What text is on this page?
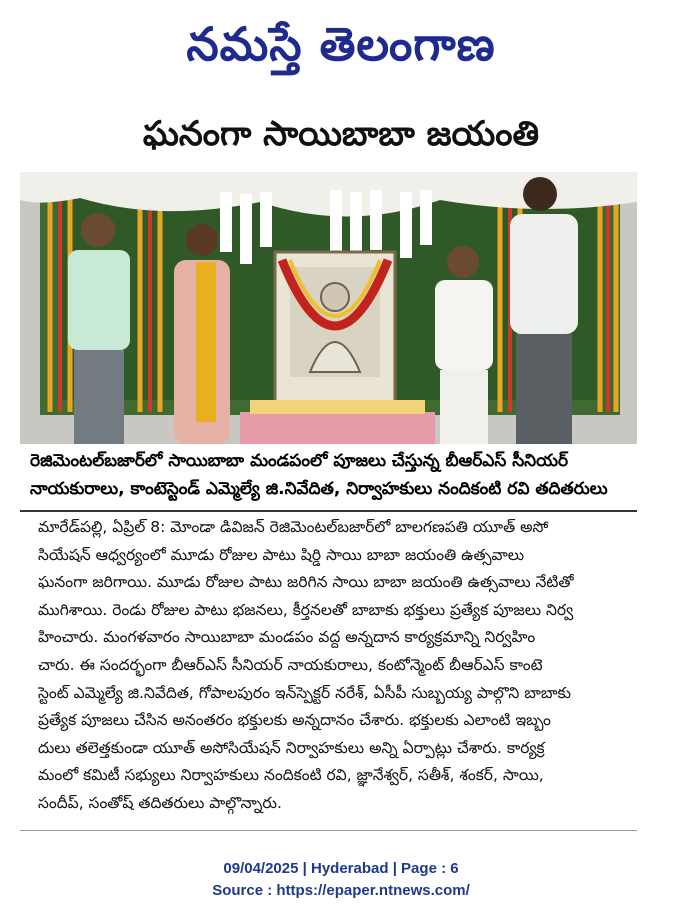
నమస్తే తెలంగాణ
ఘనంగా సాయిబాబా జయంతి
రెజిమెంటల్‌బజార్‌లో సాయిబాబా మండపంలో పూజలు చేస్తున్న బీఆర్‌ఎస్ సీనియర్
నాయకురాలు, కాంటెస్టెండ్ ఎమ్మెల్యే జి.నివేదిత, నిర్వాహకులు నందికంటి రవి తదితరులు
మారేడ్‌పల్లి, ఏప్రిల్ 8: మోండా డివిజన్ రెజిమెంటల్‌బజార్‌లో బాలగణపతి యూత్ అసో
సియేషన్ ఆధ్వర్యంలో మూడు రోజుల పాటు షిర్డి సాయి బాబా జయంతి ఉత్సవాలు
ఘనంగా జరిగాయి. మూడు రోజుల పాటు జరిగిన సాయి బాబా జయంతి ఉత్సవాలు నేటితో
ముగిశాయి. రెండు రోజుల పాటు భజనలు, కీర్తనలతో బాబాకు భక్తులు ప్రత్యేక పూజలు నిర్వ
హించారు. మంగళవారం సాయిబాబా మండపం వద్ద అన్నదాన కార్యక్రమాన్ని నిర్వహిం
చారు. ఈ సందర్భంగా బీఆర్‌ఎస్ సీనియర్ నాయకురాలు, కంటోన్మెంట్ బీఆర్‌ఎస్ కాంటె
స్టెంట్ ఎమ్మెల్యే జి.నివేదిత, గోపాలపురం ఇన్‌స్పెక్టర్ నరేశ్, ఏసీపీ సుబ్బయ్య పాల్గొని బాబాకు
ప్రత్యేక పూజలు చేసిన అనంతరం భక్తులకు అన్నదానం చేశారు. భక్తులకు ఎలాంటి ఇబ్బం
దులు తలెత్తకుండా యూత్ అసోసియేషన్ నిర్వాహకులు అన్ని ఏర్పాట్లు చేశారు. కార్యక్ర
మంలో కమిటీ సభ్యులు నిర్వాహకులు నందికంటి రవి, జ్ఞానేశ్వర్, సతీశ్, శంకర్, సాయి,
సందీప్, సంతోష్ తదితరులు పాల్గొన్నారు.
09/04/2025 | Hyderabad | Page : 6
Source : https://epaper.ntnews.com/
